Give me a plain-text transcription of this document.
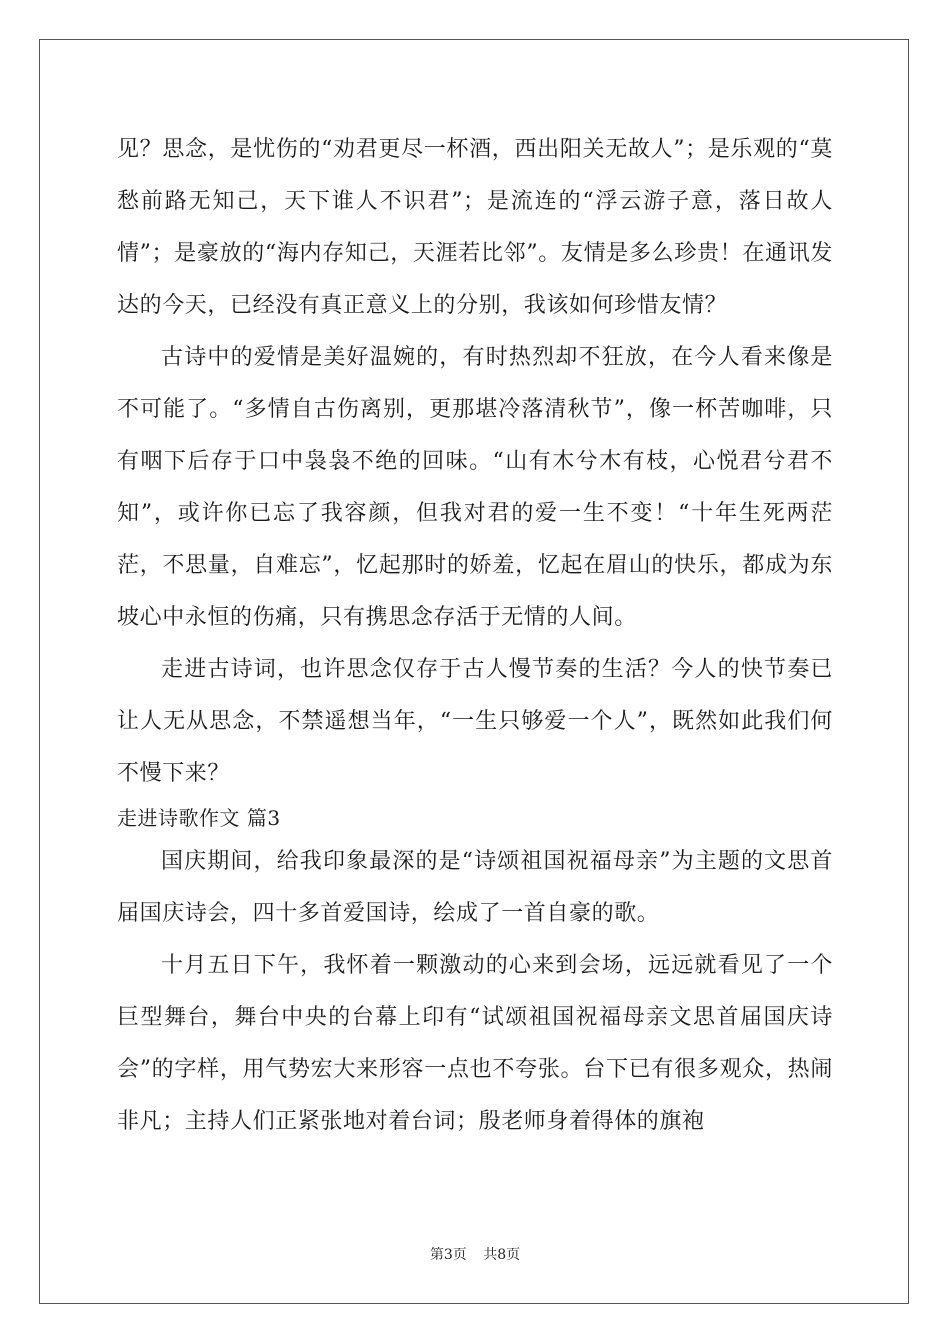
见？思念，是忧伤的“劝君更尽一杯酒，西出阳关无故人”；是乐观的“莫愁前路无知己，天下谁人不识君”；是流连的“浮云游子意，落日故人情”；是豪放的“海内存知己，天涯若比邻”。友情是多么珍贵！在通讯发达的今天，已经没有真正意义上的分别，我该如何珍惜友情？

古诗中的爱情是美好温婉的，有时热烈却不狂放，在今人看来像是不可能了。“多情自古伤离别，更那堪冷落清秋节”，像一杯苦咖啡，只有咽下后存于口中袅袅不绝的回味。“山有木兮木有枝，心悦君兮君不知”，或许你已忘了我容颜，但我对君的爱一生不变！“十年生死两茫茫，不思量，自难忘”，忆起那时的娇羞，忆起在眉山的快乐，都成为东坡心中永恒的伤痛，只有携思念存活于无情的人间。

走进古诗词，也许思念仅存于古人慢节奏的生活？今人的快节奏已让人无从思念，不禁遥想当年，“一生只够爱一个人”，既然如此我们何不慢下来？

走进诗歌作文 篇3

国庆期间，给我印象最深的是“诗颂祖国祝福母亲”为主题的文思首届国庆诗会，四十多首爱国诗，绘成了一首自豪的歌。

十月五日下午，我怀着一颗激动的心来到会场，远远就看见了一个巨型舞台，舞台中央的台幕上印有“试颂祖国祝福母亲文思首届国庆诗会”的字样，用气势宏大来形容一点也不夸张。台下已有很多观众，热闹非凡；主持人们正紧张地对着台词；殷老师身着得体的旗袍

第3页 共8页
